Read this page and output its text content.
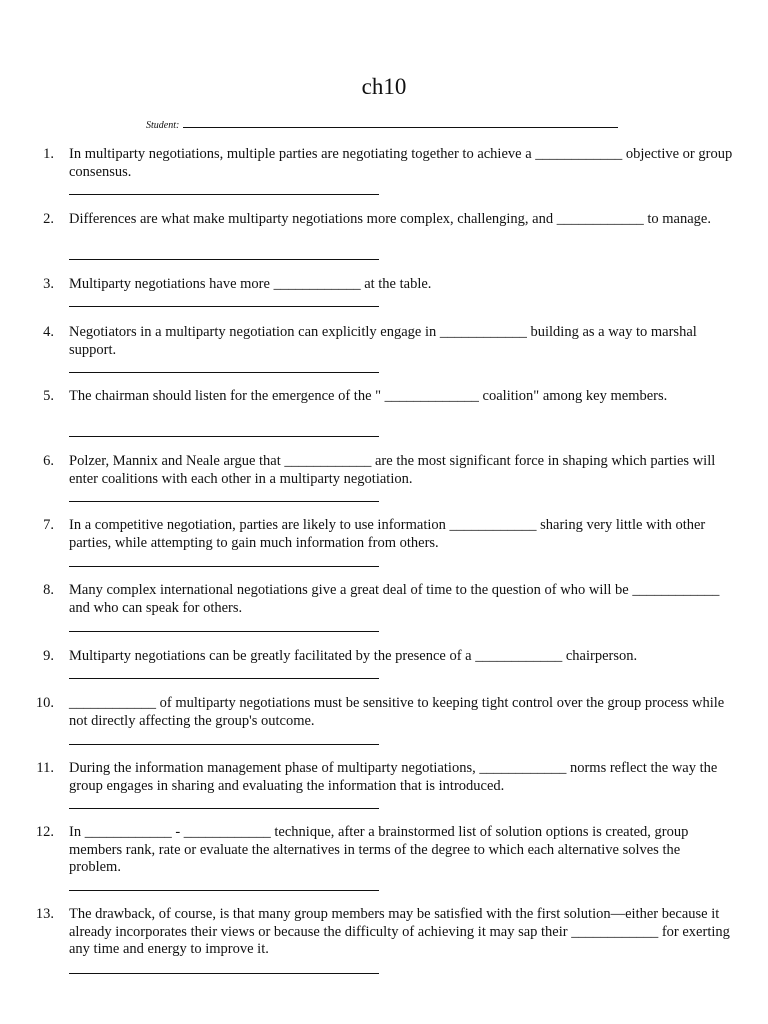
ch10
Student:
1. In multiparty negotiations, multiple parties are negotiating together to achieve a ____________ objective or group consensus.
2. Differences are what make multiparty negotiations more complex, challenging, and ____________ to manage.
3. Multiparty negotiations have more ____________ at the table.
4. Negotiators in a multiparty negotiation can explicitly engage in ____________ building as a way to marshal support.
5. The chairman should listen for the emergence of the " _____________ coalition" among key members.
6. Polzer, Mannix and Neale argue that ____________ are the most significant force in shaping which parties will enter coalitions with each other in a multiparty negotiation.
7. In a competitive negotiation, parties are likely to use information ____________ sharing very little with other parties, while attempting to gain much information from others.
8. Many complex international negotiations give a great deal of time to the question of who will be ____________ and who can speak for others.
9. Multiparty negotiations can be greatly facilitated by the presence of a ____________ chairperson.
10. ____________ of multiparty negotiations must be sensitive to keeping tight control over the group process while not directly affecting the group's outcome.
11. During the information management phase of multiparty negotiations, ____________ norms reflect the way the group engages in sharing and evaluating the information that is introduced.
12. In ____________ - ____________ technique, after a brainstormed list of solution options is created, group members rank, rate or evaluate the alternatives in terms of the degree to which each alternative solves the problem.
13. The drawback, of course, is that many group members may be satisfied with the first solution—either because it already incorporates their views or because the difficulty of achieving it may sap their ____________ for exerting any time and energy to improve it.
